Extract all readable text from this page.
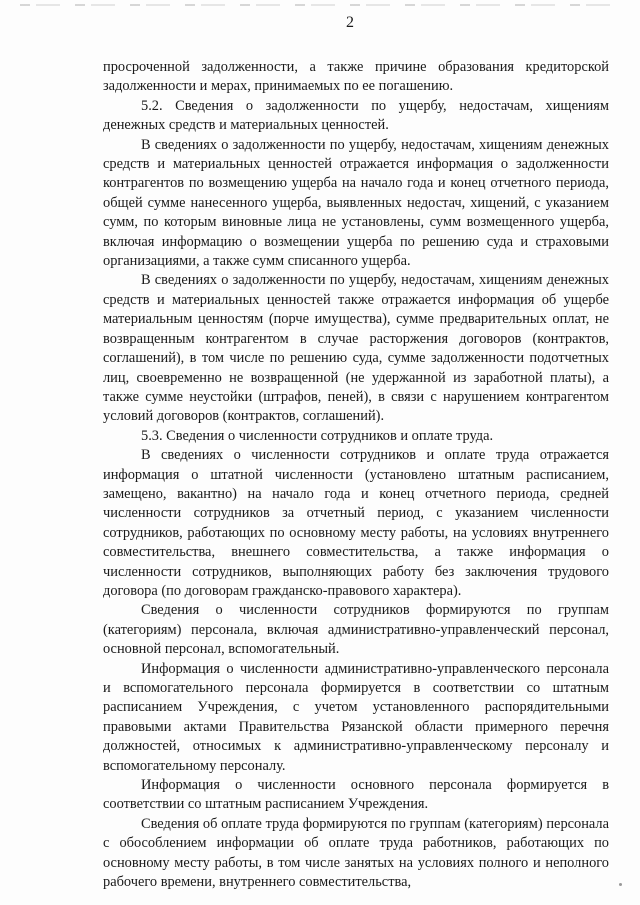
2

просроченной задолженности, а также причине образования кредиторской задолженности и мерах, принимаемых по ее погашению.

5.2. Сведения о задолженности по ущербу, недостачам, хищениям денежных средств и материальных ценностей.

В сведениях о задолженности по ущербу, недостачам, хищениям денежных средств и материальных ценностей отражается информация о задолженности контрагентов по возмещению ущерба на начало года и конец отчетного периода, общей сумме нанесенного ущерба, выявленных недостач, хищений, с указанием сумм, по которым виновные лица не установлены, сумм возмещенного ущерба, включая информацию о возмещении ущерба по решению суда и страховыми организациями, а также сумм списанного ущерба.

В сведениях о задолженности по ущербу, недостачам, хищениям денежных средств и материальных ценностей также отражается информация об ущербе материальным ценностям (порче имущества), сумме предварительных оплат, не возвращенным контрагентом в случае расторжения договоров (контрактов, соглашений), в том числе по решению суда, сумме задолженности подотчетных лиц, своевременно не возвращенной (не удержанной из заработной платы), а также сумме неустойки (штрафов, пеней), в связи с нарушением контрагентом условий договоров (контрактов, соглашений).

5.3. Сведения о численности сотрудников и оплате труда.

В сведениях о численности сотрудников и оплате труда отражается информация о штатной численности (установлено штатным расписанием, замещено, вакантно) на начало года и конец отчетного периода, средней численности сотрудников за отчетный период, с указанием численности сотрудников, работающих по основному месту работы, на условиях внутреннего совместительства, внешнего совместительства, а также информация о численности сотрудников, выполняющих работу без заключения трудового договора (по договорам гражданско-правового характера).

Сведения о численности сотрудников формируются по группам (категориям) персонала, включая административно-управленческий персонал, основной персонал, вспомогательный.

Информация о численности административно-управленческого персонала и вспомогательного персонала формируется в соответствии со штатным расписанием Учреждения, с учетом установленного распорядительными правовыми актами Правительства Рязанской области примерного перечня должностей, относимых к административно-управленческому персоналу и вспомогательному персоналу.

Информация о численности основного персонала формируется в соответствии со штатным расписанием Учреждения.

Сведения об оплате труда формируются по группам (категориям) персонала с обособлением информации об оплате труда работников, работающих по основному месту работы, в том числе занятых на условиях полного и неполного рабочего времени, внутреннего совместительства,
